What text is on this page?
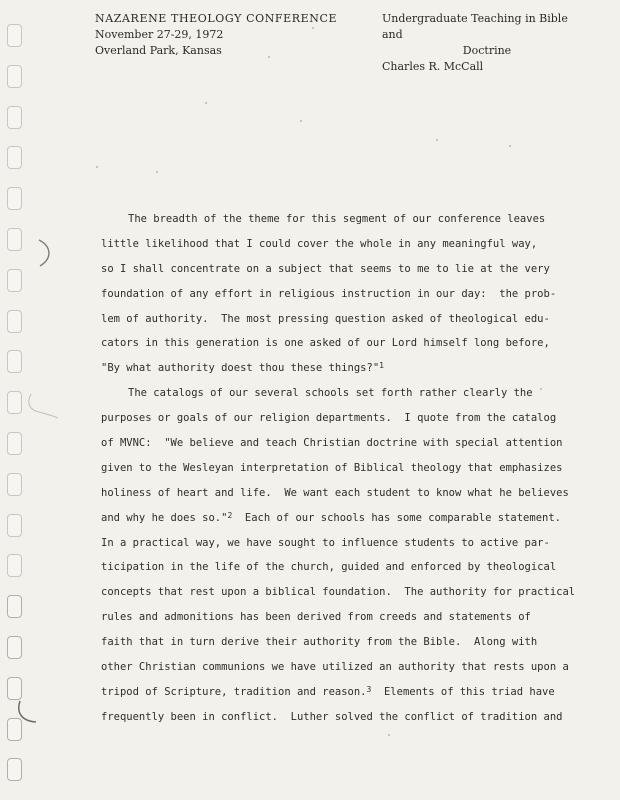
NAZARENE THEOLOGY CONFERENCE
November 27-29, 1972
Overland Park, Kansas
Undergraduate Teaching in Bible and
Doctrine
Charles R. McCall
The breadth of the theme for this segment of our conference leaves
little likelihood that I could cover the whole in any meaningful way,
so I shall concentrate on a subject that seems to me to lie at the very
foundation of any effort in religious instruction in our day:  the prob-
lem of authority.  The most pressing question asked of theological edu-
cators in this generation is one asked of our Lord himself long before,
"By what authority doest thou these things?"$^1$
The catalogs of our several schools set forth rather clearly the
purposes or goals of our religion departments.  I quote from the catalog
of MVNC:  "We believe and teach Christian doctrine with special attention
given to the Wesleyan interpretation of Biblical theology that emphasizes
holiness of heart and life.  We want each student to know what he believes
and why he does so."$^2$  Each of our schools has some comparable statement.
In a practical way, we have sought to influence students to active par-
ticipation in the life of the church, guided and enforced by theological
concepts that rest upon a biblical foundation.  The authority for practical
rules and admonitions has been derived from creeds and statements of
faith that in turn derive their authority from the Bible.  Along with
other Christian communions we have utilized an authority that rests upon a
tripod of Scripture, tradition and reason.$^3$  Elements of this triad have
frequently been in conflict.  Luther solved the conflict of tradition and
